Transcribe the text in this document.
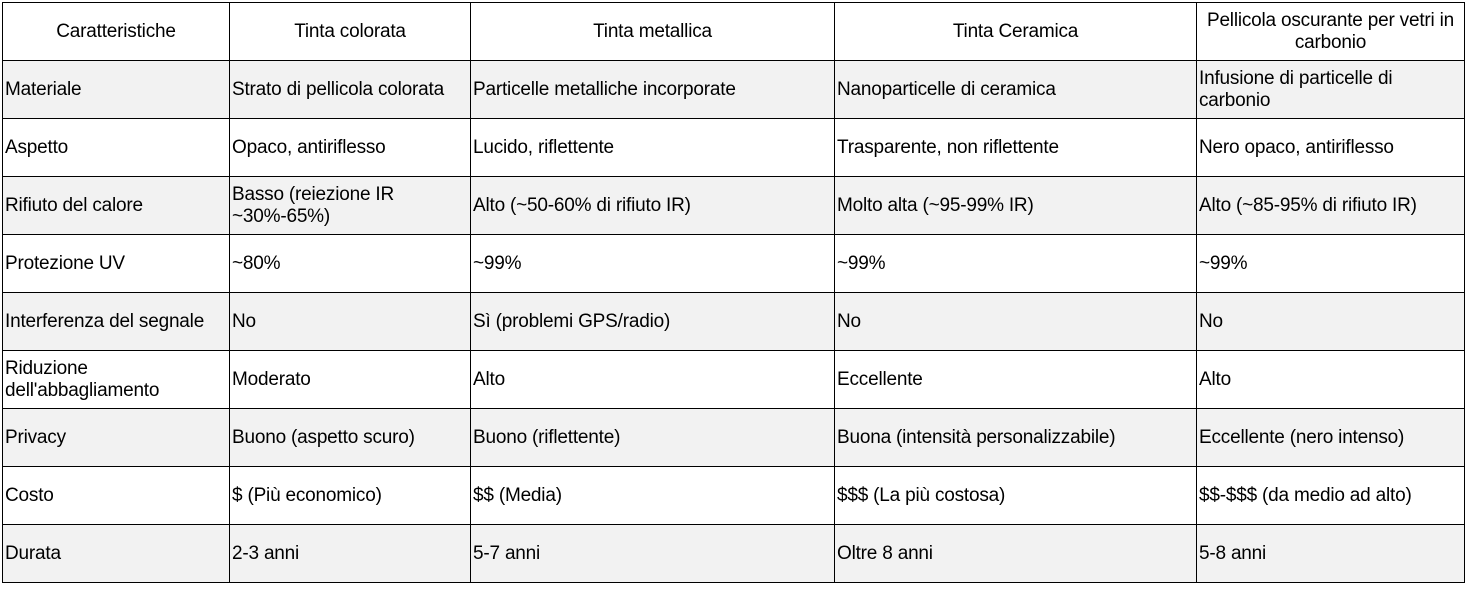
Caratteristiche	Tinta colorata	Tinta metallica	Tinta Ceramica	Pellicola oscurante per vetri in carbonio
Materiale	Strato di pellicola colorata	Particelle metalliche incorporate	Nanoparticelle di ceramica	Infusione di particelle di carbonio
Aspetto	Opaco, antiriflesso	Lucido, riflettente	Trasparente, non riflettente	Nero opaco, antiriflesso
Rifiuto del calore	Basso (reiezione IR ~30%-65%)	Alto (~50-60% di rifiuto IR)	Molto alta (~95-99% IR)	Alto (~85-95% di rifiuto IR)
Protezione UV	~80%	~99%	~99%	~99%
Interferenza del segnale	No	Sì (problemi GPS/radio)	No	No
Riduzione dell'abbagliamento	Moderato	Alto	Eccellente	Alto
Privacy	Buono (aspetto scuro)	Buono (riflettente)	Buona (intensità personalizzabile)	Eccellente (nero intenso)
Costo	$ (Più economico)	$$ (Media)	$$$ (La più costosa)	$$-$$$ (da medio ad alto)
Durata	2-3 anni	5-7 anni	Oltre 8 anni	5-8 anni
